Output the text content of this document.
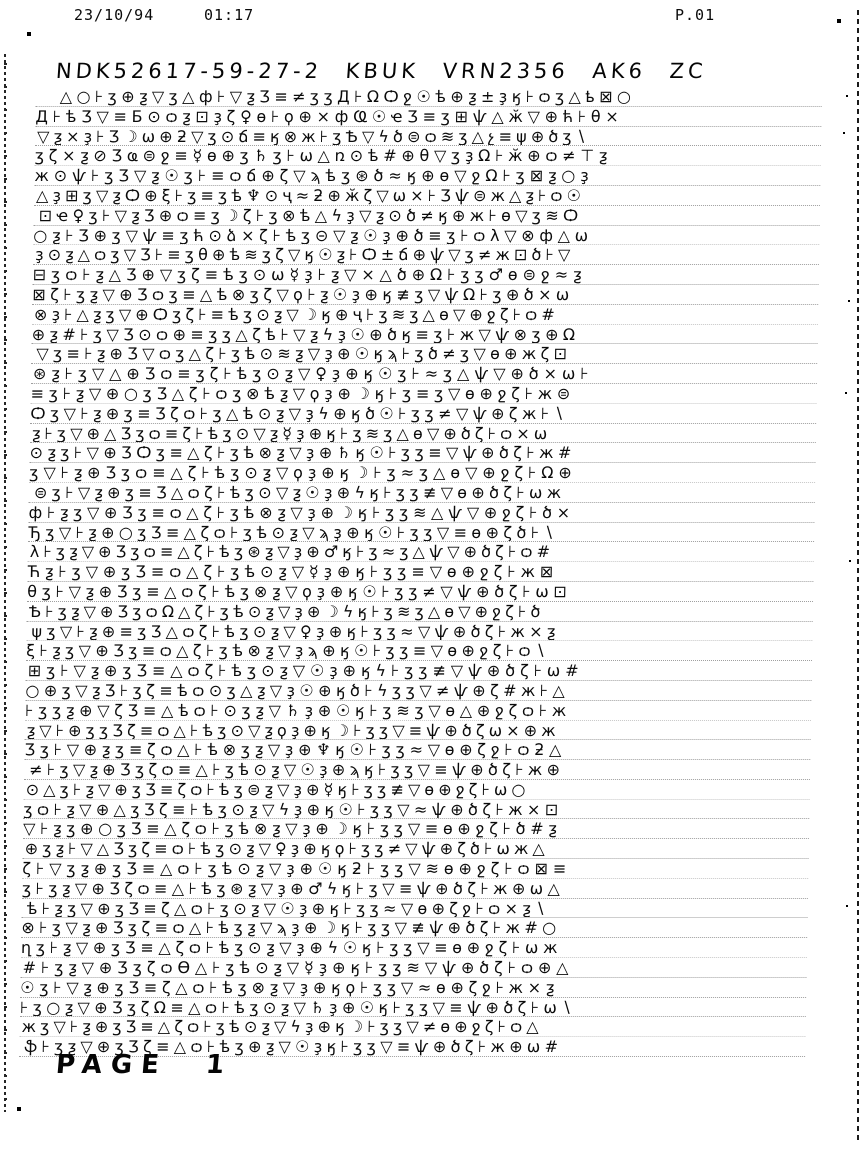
23/10/94	01:17	P.01
NDK52617-59-27-2 KBUK VRN2356 AK6 ZC
△○⊦ʒ⊕ƺ▽ӡ△ф⊦▽ƺӠ≡≠ӡʒД⊦ΩѺջ☉ѣ⊕ƺ±ҙӄ⊦ѻʒ△ҍ⊠○
Д⊦ѣӠ▽≡Б⊙ѻƺ⊡ҙζ♀ѳ⊦ϙ⊕×фҨ☉ҽӠ≡ʒ⊞ѱ△ӂ▽⊕ћ⊦θ×
▽ƺ×ҙ⊦Ӡ☽ѡ⊕ƻ▽ʒ⊙ճ≡ӄ⊗ж⊦ʒѢ▽ϟծ⊜ѻ≋ӡ△չ≡ψ⊕ծʒ∖
ʒζ×ƺ⊘Ʒҩ⊜ջ≡☿ѳ⊕ӡ♄ʒ⊦ѡ△ռ⊙ѣ#⊕θ▽ӡҙΩ⊦ӂ⊕ѻ≠⊤ƺ
ж⊙ѱ⊦ʒӠ▽ƺ☉ӡ⊦≡ѻճ⊕ζ▽ϡѣʒ⊛ծ≈ӄ⊕ѳ▽ջΩ⊦ʒ⊠ƺ○ҙ
△ҙ⊞ʒ▽ƺѺ⊕ξ⊦ӡ≡ʒѣ♆⊙ҷ≈ƻ⊕ӂζ▽ѡ×⊦Ӡѱ⊜ж△ƺ⊦ѻ☉
⊡ҽ♀ʒ⊦▽ƺӠ⊕ѻ≡ӡ☽ζ⊦ʒ⊗ѣ△ϟҙ▽ƺ⊙ծ≠ӄ⊕ж⊦ѳ▽ʒ≋Ѻ
○ƺ⊦Ӡ⊕ʒ▽ѱ≡ӡћ⊙ձ×ζ⊦ѣʒ⊝▽ƺ☉ҙ⊕ծ≡ʒ⊦ѻλ▽⊗ф△ѡ
ҙ⊙ƺ△ѻʒ▽Ӡ⊦≡ӡθ⊕ѣ≋ʒζ▽ӄ☉ƺ⊦Ѻ±ճ⊕ѱ▽ʒ≠ж⊡ծ⊦▽
⊟ʒѻ⊦ƺ△Ӡ⊕▽ӡζ≡ѣʒ⊙ѡ☿ҙ⊦ƺ▽×△ծ⊕Ω⊦ӡʒ♂ѳ⊜ջ≈ƺ
⊠ζ⊦ʒƺ▽⊕Ӡѻӡ≡△ѣ⊗ʒζ▽ϙ⊦ƺ☉ҙ⊕ӄ≢ʒ▽ѱΩ⊦ӡ⊕ծ×ѡ
⊗ҙ⊦△ƺʒ▽⊕Ѻӡζ⊦≡ѣʒ⊙ƺ▽☽ӄ⊕ҷ⊦ʒ≋ӡ△ѳ▽⊕ջζ⊦ѻ#
⊕ƺ#⊦ʒ▽Ӡ⊙ѻ⊕≡ӡʒ△ζѣ⊦▽ƺϟҙ☉⊕ծӄ≡ʒ⊦ж▽ѱ⊗ӡ⊕Ω
▽ʒ≡⊦ƺ⊕Ӡ▽ѻӡ△ζ⊦ʒѣ⊙≋ƺ▽ҙ⊕☉ӄϡ⊦ʒծ≠ӡ▽ѳ⊕жζ⊡
⊛ƺ⊦ʒ▽△⊕Ӡѻ≡ӡζ⊦ѣʒ⊙ƺ▽♀ҙ⊕ӄ☉ʒ⊦≈ӡ△ѱ▽⊕ծ×ѡ⊦
≡ʒ⊦ƺ▽⊕○ӡӠ△ζ⊦ѻʒ⊗ѣƺ▽ϙҙ⊕☽ӄ⊦ʒ≡ӡ▽ѳ⊕ջζ⊦ж⊜
Ѻʒ▽⊦ƺ⊕ӡ≡Ӡζѻ⊦ʒ△ѣ⊙ƺ▽ҙϟ⊕ӄծ☉⊦ʒӡ≠▽ѱ⊕ζж⊦∖
ƺ⊦ʒ▽⊕△Ӡӡѻ≡ζ⊦ѣʒ⊙▽ƺ☿ҙ⊕ӄ⊦ʒ≋ӡ△ѳ▽⊕ծζ⊦ѻ×ѡ
⊙ƺʒ⊦▽⊕ӠѺӡ≡△ζ⊦ʒѣ⊗ƺ▽ҙ⊕♄ӄ☉⊦ʒӡ≡▽ѱ⊕ծζ⊦ж#
ʒ▽⊦ƺ⊕Ӡӡѻ≡△ζ⊦ѣʒ⊙ƺ▽ϙҙ⊕ӄ☽⊦ʒ≈ӡ△ѳ▽⊕ջζ⊦Ω⊕
⊜ʒ⊦▽ƺ⊕ӡ≡Ӡ△ѻζ⊦ѣʒ⊙▽ƺ☉ҙ⊕ϟӄ⊦ʒӡ≢▽ѳ⊕ծζ⊦ѡж
ф⊦ƺʒ▽⊕Ӡӡ≡ѻ△ζ⊦ʒѣ⊗ƺ▽ҙ⊕☽ӄ⊦ʒӡ≋△ѱ▽⊕ջζ⊦ծ×
Ђʒ▽⊦ƺ⊕○ӡӠ≡△ζѻ⊦ʒѣ⊙ƺ▽ϡҙ⊕ӄ☉⊦ʒӡ▽≡ѳ⊕ζծ⊦∖
λ⊦ʒƺ▽⊕Ӡӡѻ≡△ζ⊦ѣʒ⊛ƺ▽ҙ⊕♂ӄ⊦ʒ≈ӡ△ѱ▽⊕ծζ⊦ѻ#
Ћƺ⊦ʒ▽⊕ӡӠ≡ѻ△ζ⊦ʒѣ⊙ƺ▽☿ҙ⊕ӄ⊦ʒӡ≡▽ѳ⊕ջζ⊦ж⊠
θʒ⊦▽ƺ⊕Ӡӡ≡△ѻζ⊦ѣʒ⊗ƺ▽ϙҙ⊕ӄ☉⊦ʒӡ≠▽ѱ⊕ծζ⊦ѡ⊡
Ѣ⊦ʒƺ▽⊕ӠӡѻΩ△ζ⊦ʒѣ⊙ƺ▽ҙ⊕☽ϟӄ⊦ʒ≋ӡ△ѳ▽⊕ջζ⊦ծ
ψʒ▽⊦ƺ⊕≡ӡӠ△ѻζ⊦ѣʒ⊙ƺ▽♀ҙ⊕ӄ⊦ʒӡ≈▽ѱ⊕ծζ⊦ж×ƺ
ξ⊦ƺʒ▽⊕Ӡӡ≡ѻ△ζ⊦ʒѣ⊗ƺ▽ҙϡ⊕ӄ☉⊦ʒӡ≡▽ѳ⊕ջζ⊦ѻ∖
⊞ʒ⊦▽ƺ⊕ӡӠ≡△ѻζ⊦ѣʒ⊙ƺ▽☉ҙ⊕ӄϟ⊦ʒӡ≢▽ѱ⊕ծζ⊦ѡ#
○⊕ʒ▽ƺӠ⊦ӡζ≡ѣѻ⊙ʒ△ƺ▽ҙ☉⊕ӄծ⊦ϟʒӡ▽≠ѱ⊕ζ#ж⊦△
⊦ӡʒƺ⊕▽ζӠ≡△ѣѻ⊦⊙ʒƺ▽♄ҙ⊕☉ӄ⊦ʒ≋ӡ▽ѳ△⊕ջζѻ⊦ж
ƺ▽⊦⊕ʒӡӠζ≡ѻ△⊦ѣʒ⊙▽ƺϙҙ⊕ӄ☽⊦ӡʒ▽≡ѱ⊕ծζѡ×⊕ж
Ӡʒ⊦▽⊕ƺӡ≡ζѻ△⊦ѣ⊗ʒƺ▽ҙ⊕♆ӄ☉⊦ӡʒ≈▽ѳ⊕ζջ⊦ѻƻ△
≠⊦ʒ▽ƺ⊕Ӡӡζѻ≡△⊦ʒѣ⊙ƺ▽☉ҙ⊕ϡӄ⊦ӡʒ▽≡ѱ⊕ծζ⊦ж⊕
⊙△ʒ⊦ƺ▽⊕ӡӠ≡ζѻ⊦ѣʒ⊜ƺ▽ҙ⊕☿ӄ⊦ӡʒ≢▽ѳ⊕ջζ⊦ѡ○
ʒѻ⊦ƺ▽⊕△ӡӠζ≡⊦ѣʒ⊙ƺ▽ϟҙ⊕ӄ☉⊦ӡʒ▽≈ѱ⊕ծζ⊦ж×⊡
▽⊦ƺʒ⊕○ӡӠ≡△ζѻ⊦ʒѣ⊗ƺ▽ҙ⊕☽ӄ⊦ӡʒ▽≡ѳ⊕ջζ⊦ծ#ƺ
⊕ʒƺ⊦▽△Ӡӡζ≡ѻ⊦ѣʒ⊙ƺ▽♀ҙ⊕ӄϙ⊦ӡʒ≠▽ѱ⊕ζծ⊦ѡж△
ζ⊦▽ʒƺ⊕ӡӠ≡△ѻ⊦ʒѣ⊙ƺ▽ҙ⊕☉ӄƻ⊦ӡʒ▽≋ѳ⊕ջζ⊦ѻ⊠≡
ӡ⊦ʒƺ▽⊕Ӡζѻ≡△⊦ѣʒ⊛ƺ▽ҙ⊕♂ϟӄ⊦ʒ▽≡ѱ⊕ծζ⊦ж⊕ѡ△
ѣ⊦ƺʒ▽⊕ӡӠ≡ζ△ѻ⊦ʒ⊙ƺ▽☉ҙ⊕ӄ⊦ӡʒ≈▽ѳ⊕ζջ⊦ѻ×ƺ∖
⊗⊦ʒ▽ƺ⊕Ӡӡζ≡ѻ△⊦ѣʒƺ▽ϡҙ⊕☽ӄ⊦ӡʒ▽≢ѱ⊕ծζ⊦ж#○
ղʒ⊦ƺ▽⊕ӡӠ≡△ζѻ⊦ѣʒ⊙ƺ▽ҙ⊕ϟ☉ӄ⊦ӡʒ▽≡ѳ⊕ջζ⊦ѡж
#⊦ʒƺ▽⊕ӠӡζѻѲ△⊦ʒѣ⊙ƺ▽☿ҙ⊕ӄ⊦ӡʒ≋▽ѱ⊕ծζ⊦ѻ⊕△
☉ʒ⊦▽ƺ⊕ӡӠ≡ζ△ѻ⊦ѣʒ⊗ƺ▽ҙ⊕ӄϙ⊦ӡʒ▽≈ѳ⊕ζջ⊦ж×ƺ
⊦ʒ○ƺ▽⊕ӠӡζΩ≡△ѻ⊦ѣʒ⊙ƺ▽♄ҙ⊕☉ӄ⊦ӡʒ▽≡ѱ⊕ծζ⊦ѡ∖
жʒ▽⊦ƺ⊕ӡӠ≡△ζѻ⊦ʒѣ⊙ƺ▽ϟҙ⊕ӄ☽⊦ӡʒ▽≠ѳ⊕ջζ⊦ѻ△
ֆ⊦ʒƺ▽⊕ӡӠζ≡△ѻ⊦ѣʒ⊕ƺ▽☉ҙӄ⊦ӡʒ▽≡ѱ⊕ծζ⊦ж⊕ѡ#
PAGE 1
